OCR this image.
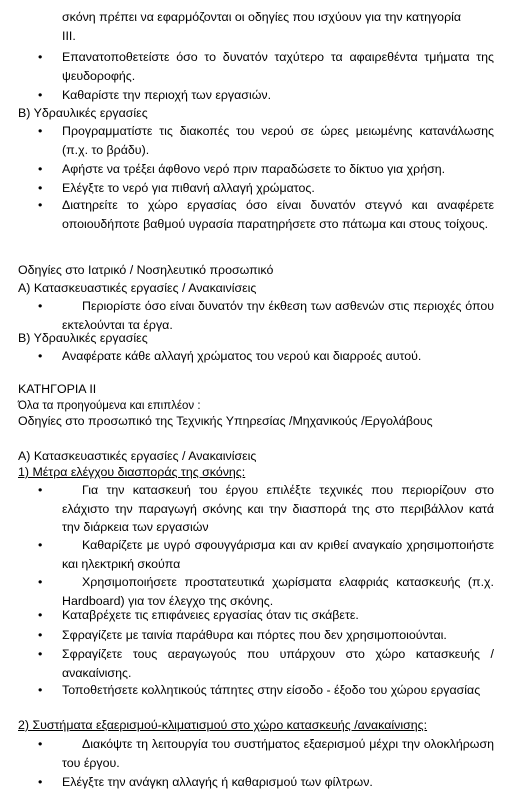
σκόνη πρέπει να εφαρμόζονται οι οδηγίες που ισχύουν για την κατηγορία
ΙΙΙ.
•	Επανατοποθετείστε όσο το δυνατόν ταχύτερο τα αφαιρεθέντα τμήματα της ψευδοροφής.
•	Καθαρίστε την περιοχή των εργασιών.
Β) Υδραυλικές εργασίες
•	Προγραμματίστε τις διακοπές του νερού σε ώρες μειωμένης κατανάλωσης (π.χ. το βράδυ).
•	Αφήστε να τρέξει άφθονο νερό πριν παραδώσετε το δίκτυο για χρήση.
•	Ελέγξτε το νερό για πιθανή αλλαγή χρώματος.
•	Διατηρείτε το χώρο εργασίας όσο είναι δυνατόν στεγνό και αναφέρετε οποιουδήποτε βαθμού υγρασία παρατηρήσετε στο πάτωμα και στους τοίχους.
Οδηγίες στο Ιατρικό / Νοσηλευτικό προσωπικό
Α) Κατασκευαστικές εργασίες / Ανακαινίσεις
•	Περιορίστε όσο είναι δυνατόν την έκθεση των ασθενών στις περιοχές όπου εκτελούνται τα έργα.
Β) Υδραυλικές εργασίες
•	Αναφέρατε κάθε αλλαγή χρώματος του νερού και διαρροές αυτού.
ΚΑΤΗΓΟΡΙΑ ΙΙ
Όλα τα προηγούμενα και επιπλέον :
Οδηγίες στο προσωπικό της Τεχνικής Υπηρεσίας /Μηχανικούς /Εργολάβους
Α) Κατασκευαστικές εργασίες / Ανακαινίσεις
1) Μέτρα ελέγχου διασποράς της σκόνης:
•	Για την κατασκευή του έργου επιλέξτε τεχνικές που περιορίζουν στο ελάχιστο την παραγωγή σκόνης και την διασπορά της στο περιβάλλον κατά την διάρκεια των εργασιών
•	Καθαρίζετε με υγρό σφουγγάρισμα και αν κριθεί αναγκαίο χρησιμοποιήστε και ηλεκτρική σκούπα
•	Χρησιμοποιήσετε προστατευτικά χωρίσματα ελαφριάς κατασκευής (π.χ. Hardboard) για τον έλεγχο της σκόνης.
•	Καταβρέχετε τις επιφάνειες εργασίας όταν τις σκάβετε.
•	Σφραγίζετε με ταινία παράθυρα και πόρτες που δεν χρησιμοποιούνται.
•	Σφραγίζετε τους αεραγωγούς που υπάρχουν στο χώρο κατασκευής / ανακαίνισης.
•	Τοποθετήσετε κολλητικούς τάπητες στην είσοδο - έξοδο του χώρου εργασίας
2) Συστήματα εξαερισμού-κλιματισμού στο χώρο κατασκευής /ανακαίνισης:
•	Διακόψτε τη λειτουργία του συστήματος εξαερισμού μέχρι την ολοκλήρωση του έργου.
•	Ελέγξτε την ανάγκη αλλαγής ή καθαρισμού των φίλτρων.
